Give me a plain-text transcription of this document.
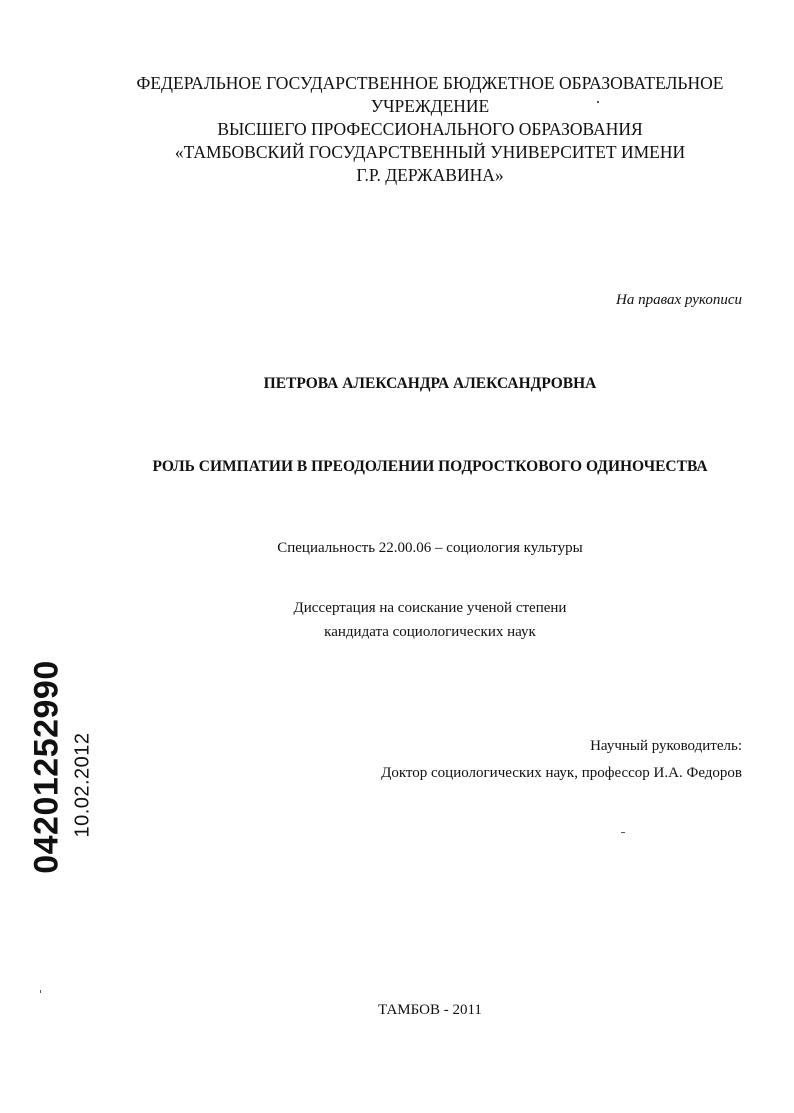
ФЕДЕРАЛЬНОЕ ГОСУДАРСТВЕННОЕ БЮДЖЕТНОЕ ОБРАЗОВАТЕЛЬНОЕ
УЧРЕЖДЕНИЕ
ВЫСШЕГО ПРОФЕССИОНАЛЬНОГО ОБРАЗОВАНИЯ
«ТАМБОВСКИЙ ГОСУДАРСТВЕННЫЙ УНИВЕРСИТЕТ ИМЕНИ
Г.Р. ДЕРЖАВИНА»
На правах рукописи
ПЕТРОВА АЛЕКСАНДРА АЛЕКСАНДРОВНА
РОЛЬ СИМПАТИИ В ПРЕОДОЛЕНИИ ПОДРОСТКОВОГО ОДИНОЧЕСТВА
Специальность 22.00.06 – социология культуры
Диссертация на соискание ученой степени
кандидата социологических наук
Научный руководитель:
Доктор социологических наук, профессор И.А. Федоров
ТАМБОВ - 2011
04201252990 10.02.2012
